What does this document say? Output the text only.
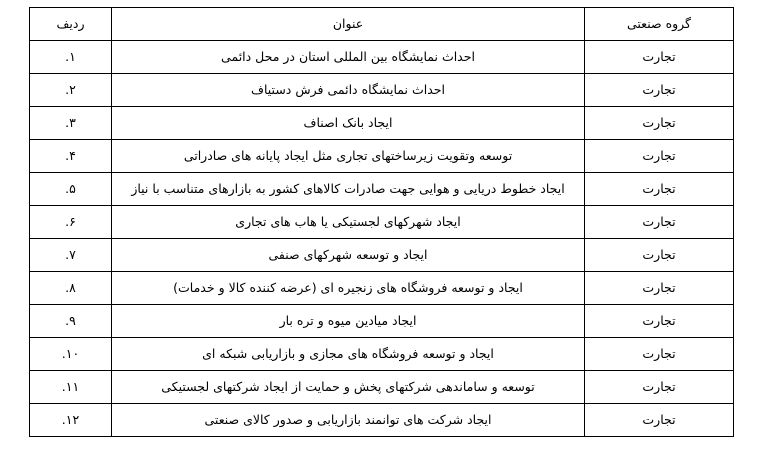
گروه صنعتی	عنوان	ردیف
تجارت	احداث نمایشگاه بین المللی استان در محل دائمی	۱.
تجارت	احداث نمایشگاه دائمی فرش دستیاف	۲.
تجارت	ایجاد بانک اصناف	۳.
تجارت	توسعه وتقویت زیرساختهای تجاری مثل ایجاد پایانه های صادراتی	۴.
تجارت	ایجاد خطوط دریایی و هوایی جهت صادرات کالاهای کشور به بازارهای متناسب با نیاز	۵.
تجارت	ایجاد شهرکهای لجستیکی یا هاب های تجاری	۶.
تجارت	ایجاد و توسعه شهرکهای صنفی	۷.
تجارت	ایجاد و توسعه فروشگاه های زنجیره ای (عرضه کننده کالا و خدمات)	۸.
تجارت	ایجاد میادین میوه و تره بار	۹.
تجارت	ایجاد و توسعه فروشگاه های مجازی و بازاریابی شبکه ای	۱۰.
تجارت	توسعه و ساماندهی شرکتهای پخش و حمایت از ایجاد شرکتهای لجستیکی	۱۱.
تجارت	ایجاد شرکت های توانمند بازاریابی و صدور کالای صنعتی	۱۲.
